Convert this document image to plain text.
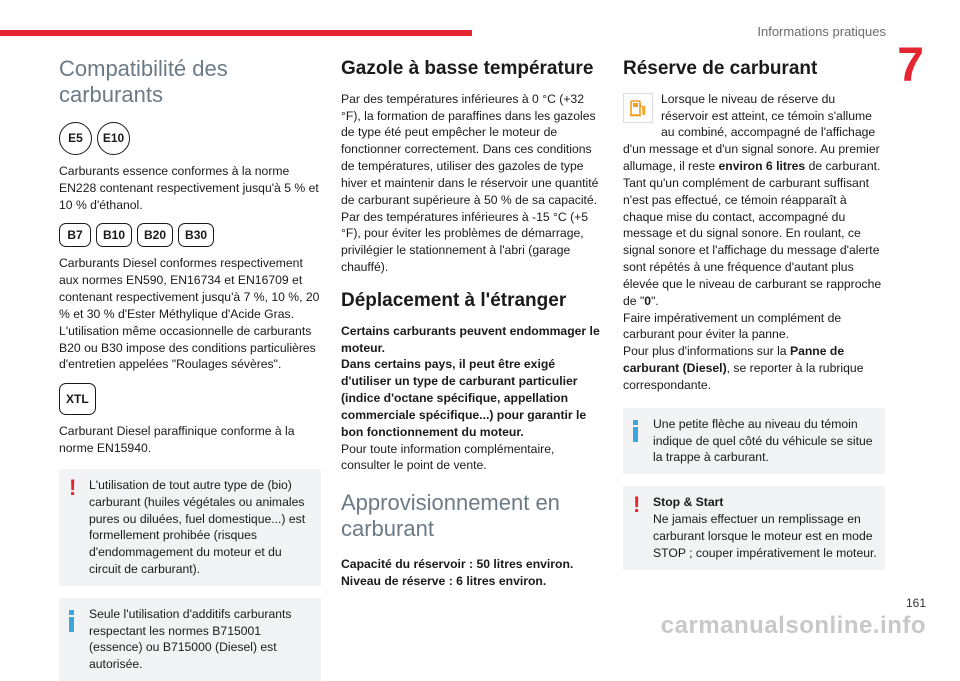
Informations pratiques
7
Compatibilité des carburants
E5	E10

Carburants essence conformes à la norme EN228 contenant respectivement jusqu'à 5 % et 10 % d'éthanol.

B7	B10	B20	B30

Carburants Diesel conformes respectivement aux normes EN590, EN16734 et EN16709 et contenant respectivement jusqu'à 7 %, 10 %, 20 % et 30 % d'Ester Méthylique d'Acide Gras. L'utilisation même occasionnelle de carburants B20 ou B30 impose des conditions particulières d'entretien appelées "Roulages sévères".

XTL

Carburant Diesel paraffinique conforme à la norme EN15940.

!	L'utilisation de tout autre type de (bio) carburant (huiles végétales ou animales pures ou diluées, fuel domestique...) est formellement prohibée (risques d'endommagement du moteur et du circuit de carburant).

Seule l'utilisation d'additifs carburants respectant les normes B715001 (essence) ou B715000 (Diesel) est autorisée.

Gazole à basse température

Par des températures inférieures à 0 °C (+32 °F), la formation de paraffines dans les gazoles de type été peut empêcher le moteur de fonctionner correctement. Dans ces conditions de températures, utiliser des gazoles de type hiver et maintenir dans le réservoir une quantité de carburant supérieure à 50 % de sa capacité.

Par des températures inférieures à -15 °C (+5 °F), pour éviter les problèmes de démarrage, privilégier le stationnement à l'abri (garage chauffé).

Déplacement à l'étranger

Certains carburants peuvent endommager le moteur.

Dans certains pays, il peut être exigé d'utiliser un type de carburant particulier (indice d'octane spécifique, appellation commerciale spécifique...) pour garantir le bon fonctionnement du moteur.

Pour toute information complémentaire, consulter le point de vente.

Approvisionnement en carburant

Capacité du réservoir : 50 litres environ.

Niveau de réserve : 6 litres environ.

Réserve de carburant

Lorsque le niveau de réserve du réservoir est atteint, ce témoin s'allume au combiné, accompagné de l'affichage d'un message et d'un signal sonore. Au premier allumage, il reste environ 6 litres de carburant.

Tant qu'un complément de carburant suffisant n'est pas effectué, ce témoin réapparaît à chaque mise du contact, accompagné du message et du signal sonore. En roulant, ce signal sonore et l'affichage du message d'alerte sont répétés à une fréquence d'autant plus élevée que le niveau de carburant se rapproche de "0".

Faire impérativement un complément de carburant pour éviter la panne.

Pour plus d'informations sur la Panne de carburant (Diesel), se reporter à la rubrique correspondante.

Une petite flèche au niveau du témoin indique de quel côté du véhicule se situe la trappe à carburant.

!	Stop & Start

Ne jamais effectuer un remplissage en carburant lorsque le moteur est en mode STOP ; couper impérativement le moteur.

carmanualsonline.info
161
